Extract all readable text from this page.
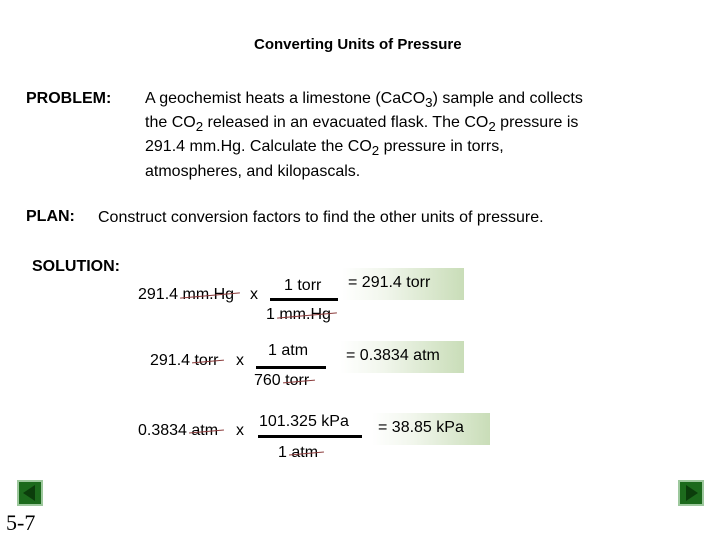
Converting Units of Pressure
PROBLEM: A geochemist heats a limestone (CaCO$_3$) sample and collects
the $CO_2$ released in an evacuated flask. The $CO_2$ pressure is
291.4 mm.Hg. Calculate the $CO_2$ pressure in torrs,
atmospheres, and kilopascals.
PLAN: Construct conversion factors to find the other units of pressure.
SOLUTION:
291.4 mm.Hg x
1 torr
1 mm.Hg
= 291.4 torr
291.4 torr x
1 atm
760 torr
= 0.3834 atm
0.3834 atm x
101.325 kPa
1 atm
= 38.85 kPa
5-7
